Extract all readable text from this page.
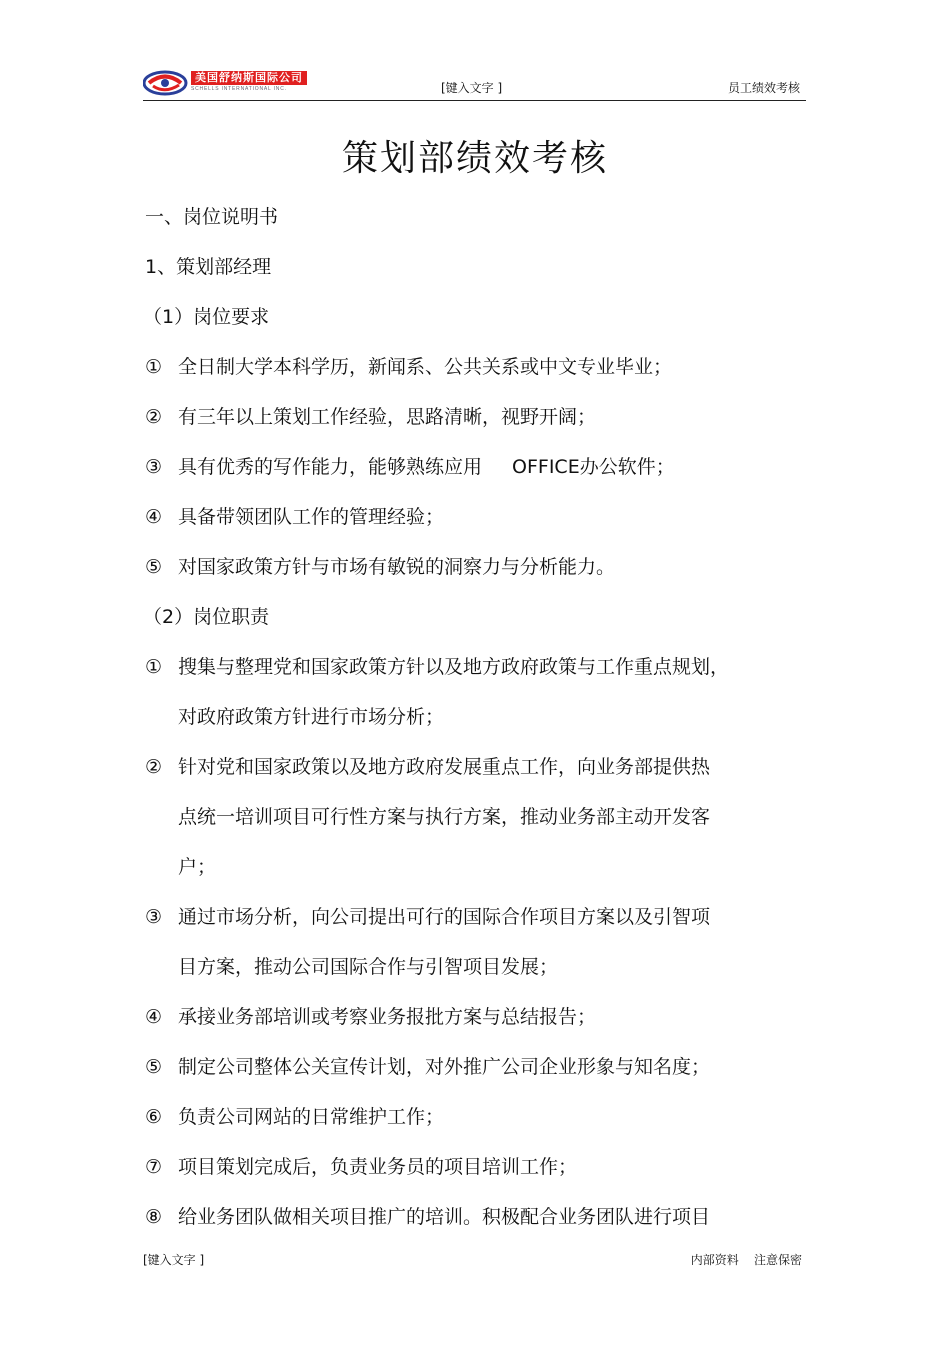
美国舒纳斯国际公司
SCHELLS INTERNATIONAL INC.	[键入文字 ]	员工绩效考核
策划部绩效考核
一、岗位说明书
1、策划部经理
（1）岗位要求
① 全日制大学本科学历，新闻系、公共关系或中文专业毕业；
② 有三年以上策划工作经验，思路清晰，视野开阔；
③ 具有优秀的写作能力，能够熟练应用 OFFICE办公软件；
④ 具备带领团队工作的管理经验；
⑤ 对国家政策方针与市场有敏锐的洞察力与分析能力。
（2）岗位职责
① 搜集与整理党和国家政策方针以及地方政府政策与工作重点规划，
对政府政策方针进行市场分析；
② 针对党和国家政策以及地方政府发展重点工作，向业务部提供热
点统一培训项目可行性方案与执行方案，推动业务部主动开发客
户；
③ 通过市场分析，向公司提出可行的国际合作项目方案以及引智项
目方案，推动公司国际合作与引智项目发展；
④ 承接业务部培训或考察业务报批方案与总结报告；
⑤ 制定公司整体公关宣传计划，对外推广公司企业形象与知名度；
⑥ 负责公司网站的日常维护工作；
⑦ 项目策划完成后，负责业务员的项目培训工作；
⑧ 给业务团队做相关项目推广的培训。积极配合业务团队进行项目
[键入文字 ]	内部资料    注意保密
